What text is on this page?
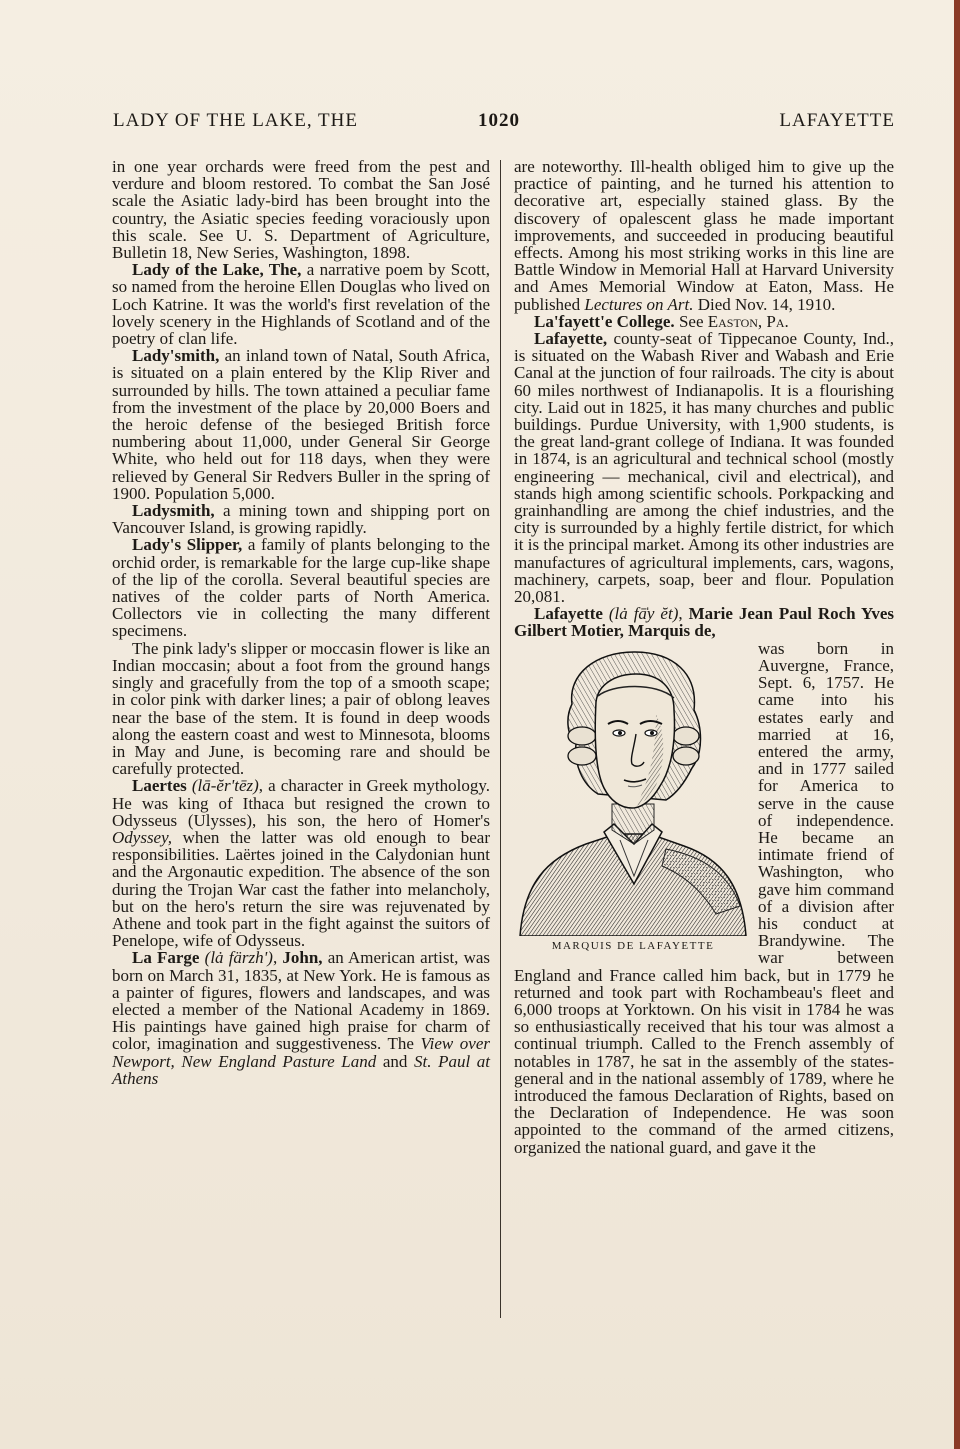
LADY OF THE LAKE, THE	1020	LAFAYETTE

in one year orchards were freed from the pest and verdure and bloom restored. To combat the San José scale the Asiatic lady-bird has been brought into the country, the Asiatic species feeding voraciously upon this scale. See U. S. Department of Agriculture, Bulletin 18, New Series, Washington, 1898.

Lady of the Lake, The, a narrative poem by Scott, so named from the heroine Ellen Douglas who lived on Loch Katrine. It was the world's first revelation of the lovely scenery in the Highlands of Scotland and of the poetry of clan life.

Lady'smith, an inland town of Natal, South Africa, is situated on a plain entered by the Klip River and surrounded by hills. The town attained a peculiar fame from the investment of the place by 20,000 Boers and the heroic defense of the besieged British force numbering about 11,000, under General Sir George White, who held out for 118 days, when they were relieved by General Sir Redvers Buller in the spring of 1900. Population 5,000.

Ladysmith, a mining town and shipping port on Vancouver Island, is growing rapidly.

Lady's Slipper, a family of plants belonging to the orchid order, is remarkable for the large cup-like shape of the lip of the corolla. Several beautiful species are natives of the colder parts of North America. Collectors vie in collecting the many different specimens.

The pink lady's slipper or moccasin flower is like an Indian moccasin; about a foot from the ground hangs singly and gracefully from the top of a smooth scape; in color pink with darker lines; a pair of oblong leaves near the base of the stem. It is found in deep woods along the eastern coast and west to Minnesota, blooms in May and June, is becoming rare and should be carefully protected.

Laertes (lā-ĕr'tēz), a character in Greek mythology. He was king of Ithaca but resigned the crown to Odysseus (Ulysses), his son, the hero of Homer's Odyssey, when the latter was old enough to bear responsibilities. Laërtes joined in the Calydonian hunt and the Argonautic expedition. The absence of the son during the Trojan War cast the father into melancholy, but on the hero's return the sire was rejuvenated by Athene and took part in the fight against the suitors of Penelope, wife of Odysseus.

La Farge (lȧ färzh'), John, an American artist, was born on March 31, 1835, at New York. He is famous as a painter of figures, flowers and landscapes, and was elected a member of the National Academy in 1869. His paintings have gained high praise for charm of color, imagination and suggestiveness. The View over Newport, New England Pasture Land and St. Paul at Athens

are noteworthy. Ill-health obliged him to give up the practice of painting, and he turned his attention to decorative art, especially stained glass. By the discovery of opalescent glass he made important improvements, and succeeded in producing beautiful effects. Among his most striking works in this line are Battle Window in Memorial Hall at Harvard University and Ames Memorial Window at Eaton, Mass. He published Lectures on Art. Died Nov. 14, 1910.

La'fayett'e College. See Easton, Pa.

Lafayette, county-seat of Tippecanoe County, Ind., is situated on the Wabash River and Wabash and Erie Canal at the junction of four railroads. The city is about 60 miles northwest of Indianapolis. It is a flourishing city. Laid out in 1825, it has many churches and public buildings. Purdue University, with 1,900 students, is the great land-grant college of Indiana. It was founded in 1874, is an agricultural and technical school (mostly engineering — mechanical, civil and electrical), and stands high among scientific schools. Porkpacking and grainhandling are among the chief industries, and the city is surrounded by a highly fertile district, for which it is the principal market. Among its other industries are manufactures of agricultural implements, cars, wagons, machinery, carpets, soap, beer and flour. Population 20,081.

Lafayette (lȧ fā̍y ĕt), Marie Jean Paul Roch Yves Gilbert Motier, Marquis de,

MARQUIS DE LAFAYETTE

was born in Auvergne, France, Sept. 6, 1757. He came into his estates early and married at 16, entered the army, and in 1777 sailed for America to serve in the cause of independence. He became an intimate friend of Washington, who gave him command of a division after his conduct at Brandywine. The war between England and France called him back, but in 1779 he returned and took part with Rochambeau's fleet and 6,000 troops at Yorktown. On his visit in 1784 he was so enthusiastically received that his tour was almost a continual triumph. Called to the French assembly of notables in 1787, he sat in the assembly of the states-general and in the national assembly of 1789, where he introduced the famous Declaration of Rights, based on the Declaration of Independence. He was soon appointed to the command of the armed citizens, organized the national guard, and gave it the
